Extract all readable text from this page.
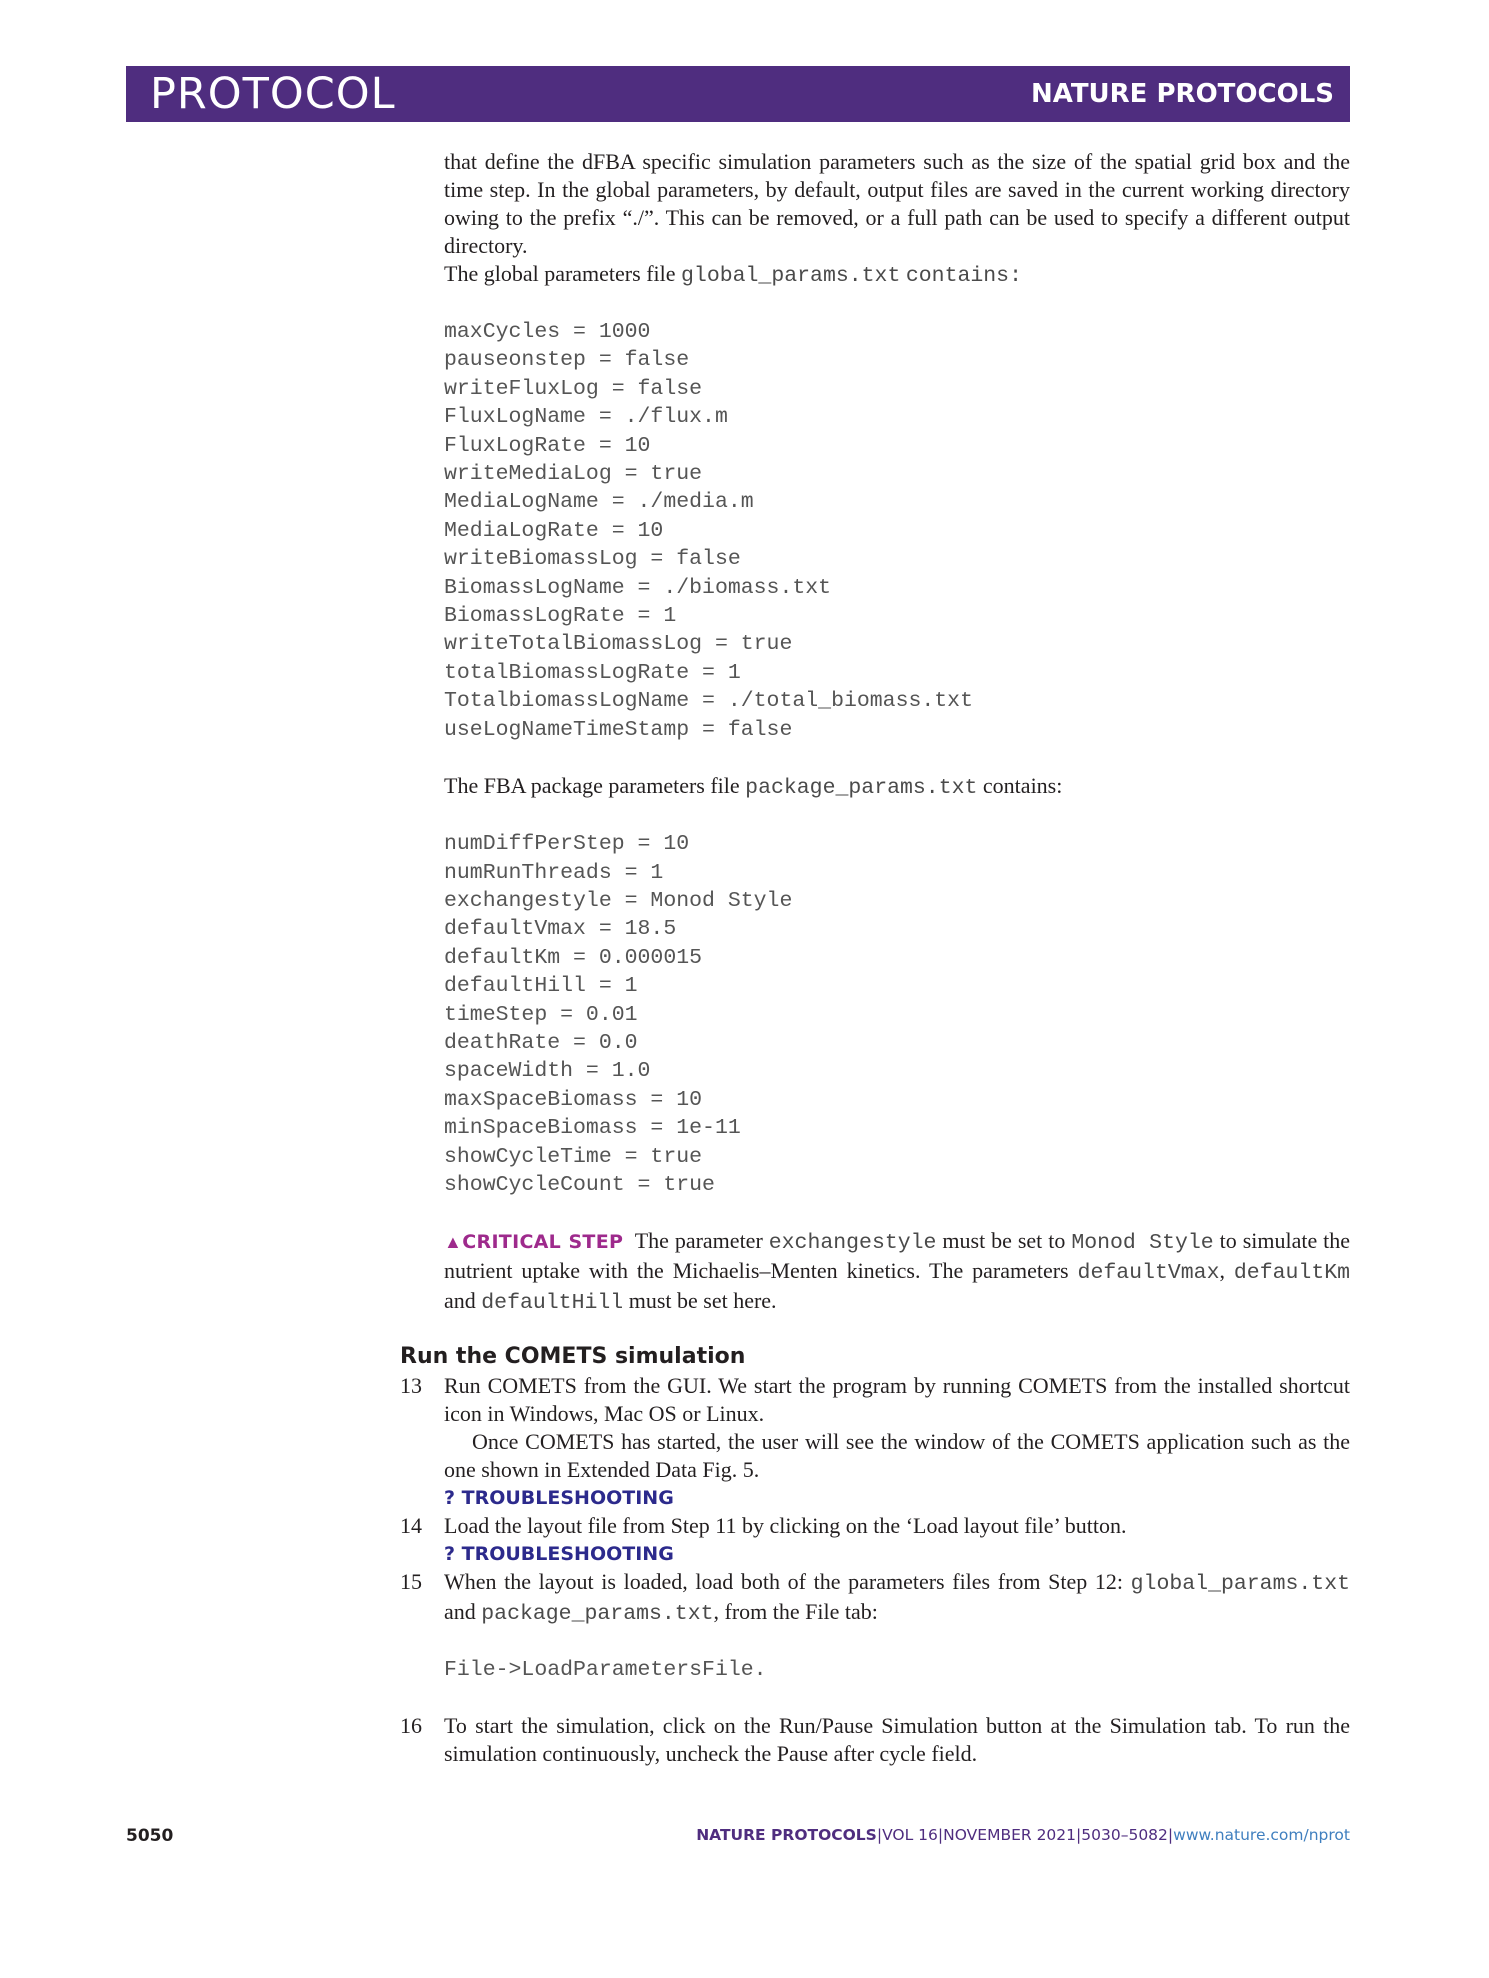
PROTOCOL	NATURE PROTOCOLS

that define the dFBA specific simulation parameters such as the size of the spatial grid box and the time step. In the global parameters, by default, output files are saved in the current working directory owing to the prefix “./”. This can be removed, or a full path can be used to specify a different output directory.

The global parameters file global_params.txt contains:

maxCycles = 1000

pauseonstep = false

writeFluxLog = false

FluxLogName = ./flux.m

FluxLogRate = 10

writeMediaLog = true

MediaLogName = ./media.m

MediaLogRate = 10

writeBiomassLog = false

BiomassLogName = ./biomass.txt

BiomassLogRate = 1

writeTotalBiomassLog = true

totalBiomassLogRate = 1

TotalbiomassLogName = ./total_biomass.txt

useLogNameTimeStamp = false

The FBA package parameters file package_params.txt contains:

numDiffPerStep = 10

numRunThreads = 1

exchangestyle = Monod Style

defaultVmax = 18.5

defaultKm = 0.000015

defaultHill = 1

timeStep = 0.01

deathRate = 0.0

spaceWidth = 1.0

maxSpaceBiomass = 10

minSpaceBiomass = 1e-11

showCycleTime = true

showCycleCount = true

▲CRITICAL STEP The parameter exchangestyle must be set to Monod Style to simulate the nutrient uptake with the Michaelis–Menten kinetics. The parameters defaultVmax, defaultKm and defaultHill must be set here.

Run the COMETS simulation
13	Run COMETS from the GUI. We start the program by running COMETS from the installed shortcut icon in Windows, Mac OS or Linux.

Once COMETS has started, the user will see the window of the COMETS application such as the one shown in Extended Data Fig. 5.

? TROUBLESHOOTING

14	Load the layout file from Step 11 by clicking on the ‘Load layout file’ button.

? TROUBLESHOOTING

15	When the layout is loaded, load both of the parameters files from Step 12: global_params.txt and package_params.txt, from the File tab:

File->LoadParametersFile.

16	To start the simulation, click on the Run/Pause Simulation button at the Simulation tab. To run the simulation continuously, uncheck the Pause after cycle field.

5050	NATURE PROTOCOLS|VOL 16|NOVEMBER 2021|5030–5082|www.nature.com/nprot
